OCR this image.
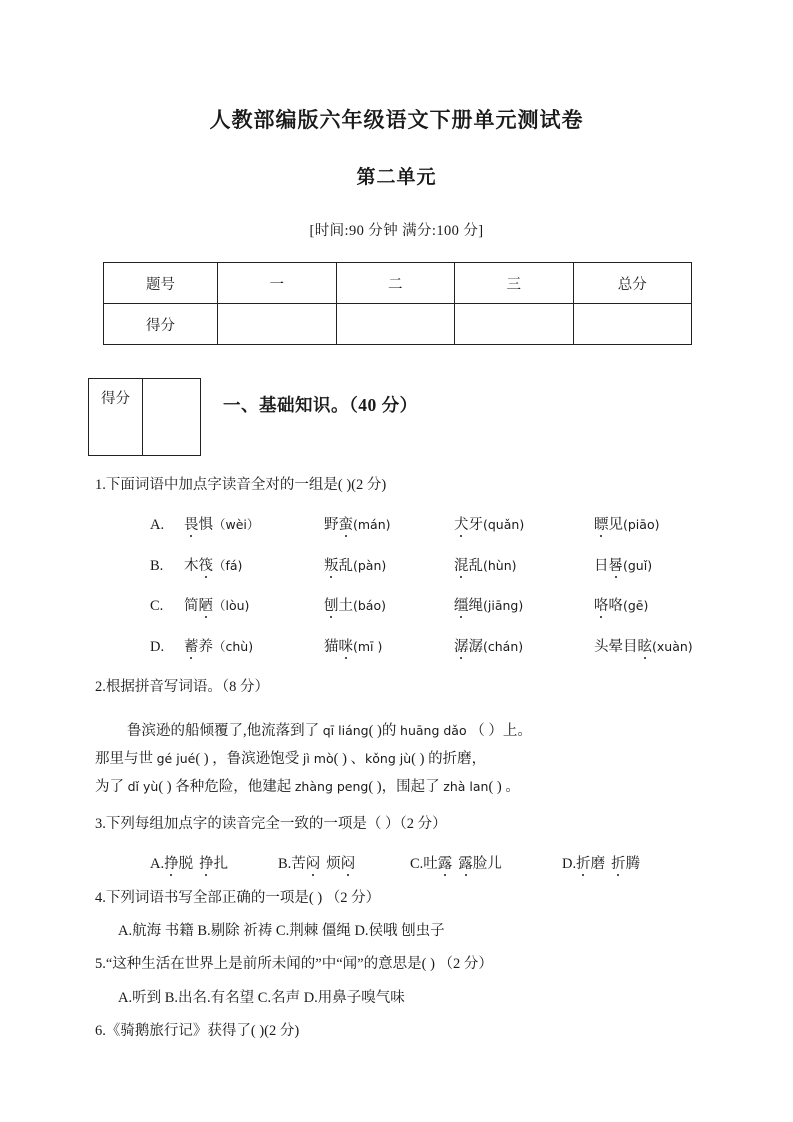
人教部编版六年级语文下册单元测试卷
第二单元

[时间:90 分钟 满分:100 分]

题号	一	二	三	总分
得分				
得分	一、基础知识。（40 分）
1.下面词语中加点字读音全对的一组是( )(2 分)
A.	畏惧（wèi）	野蛮(mán)	犬牙(quǎn)	瞟见(piāo)
B.	木筏（fá)	叛乱(pàn)	混乱(hùn)	日晷(guǐ)
C.	简陋（lòu)	刨土(báo)	缰绳(jiāng)	咯咯(gē)
D.	蓄养（chù)	猫咪(mī )	潺潺(chán)	头晕目眩(xuàn)
2.根据拼音写词语。（8 分）
鲁滨逊的船倾覆了,他流落到了 qī liáng( )的 huāng dǎo （ ）上。
那里与世 gé jué( ) ，鲁滨逊饱受 jì mò( ) 、kǒng jù( ) 的折磨，
为了 dǐ yù( ) 各种危险，他建起 zhàng peng( )，围起了 zhà lan( ) 。
3.下列每组加点字的读音完全一致的一项是（ ）（2 分）
A.挣脱 挣扎	B.苦闷 烦闷	C.吐露 露脸儿	D.折磨 折腾
4.下列词语书写全部正确的一项是( ) （2 分）
A.航海 书籍 B.剔除 祈祷 C.荆棘 僵绳 D.侯哦 刨虫子
5.“这种生活在世界上是前所未闻的”中“闻”的意思是( ) （2 分）
A.听到 B.出名.有名望 C.名声 D.用鼻子嗅气味
6.《骑鹅旅行记》获得了( )(2 分)
